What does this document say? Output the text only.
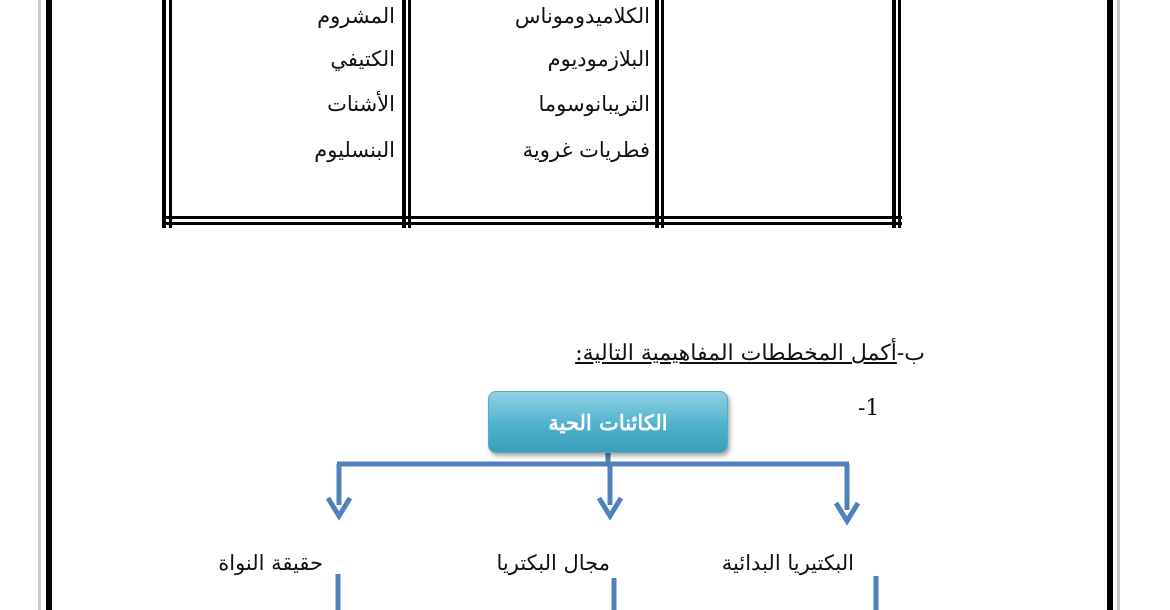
المشروم
الكتيفي
الأشنات
البنسليوم
الكلاميدوموناس
البلازموديوم
التريبانوسوما
فطريات غروية
ب-أكمل المخططات المفاهيمية التالية:
-1
الكائنات الحية
البكتيريا البدائية
مجال البكتريا
حقيقة النواة
